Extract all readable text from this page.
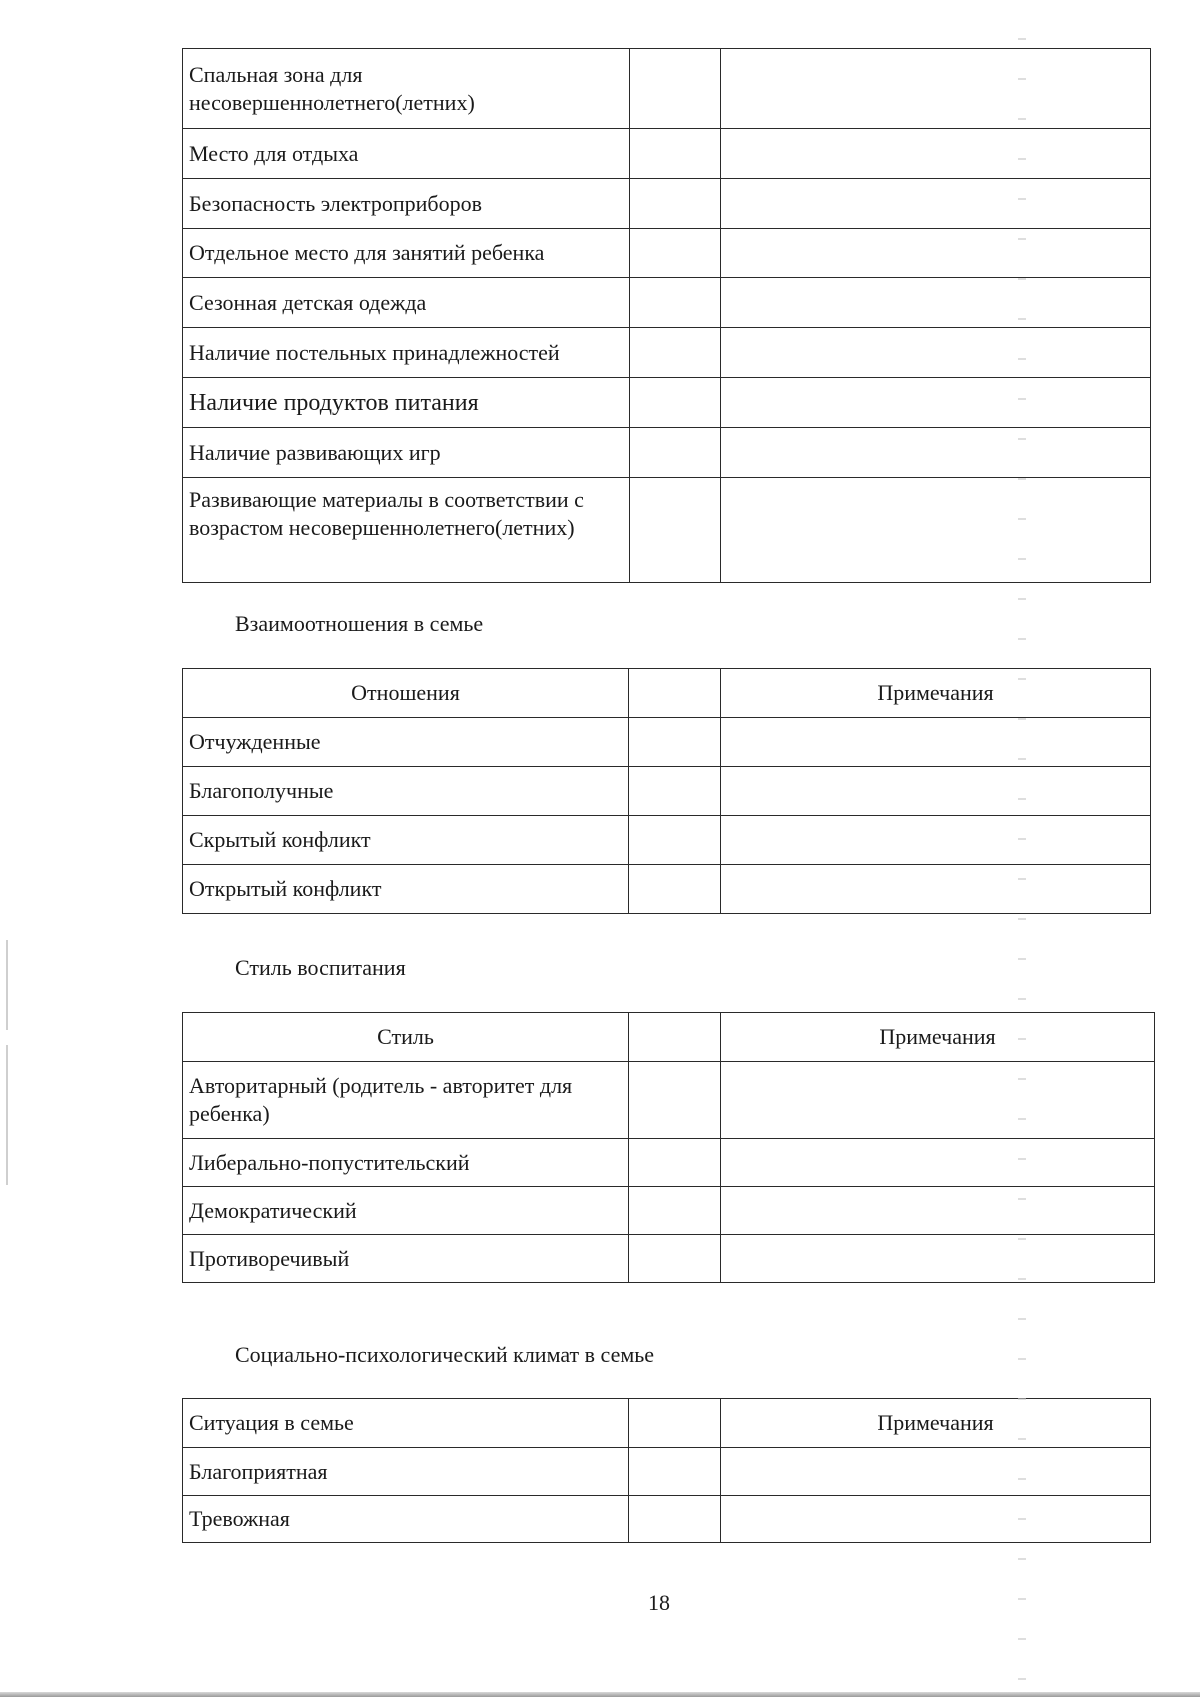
Спальная зона для несовершеннолетнего(летних)		
Место для отдыха		
Безопасность электроприборов		
Отдельное место для занятий ребенка		
Сезонная детская одежда		
Наличие постельных принадлежностей		
Наличие продуктов питания		
Наличие развивающих игр		
Развивающие материалы в соответствии с возрастом несовершеннолетнего(летних)		
Взаимоотношения в семье
Отношения		Примечания
Отчужденные		
Благополучные		
Скрытый конфликт		
Открытый конфликт		
Стиль воспитания
Стиль		Примечания
Авторитарный (родитель - авторитет для ребенка)		
Либерально-попустительский		
Демократический		
Противоречивый		
Социально-психологический климат в семье
Ситуация в семье		Примечания
Благоприятная		
Тревожная		
18
